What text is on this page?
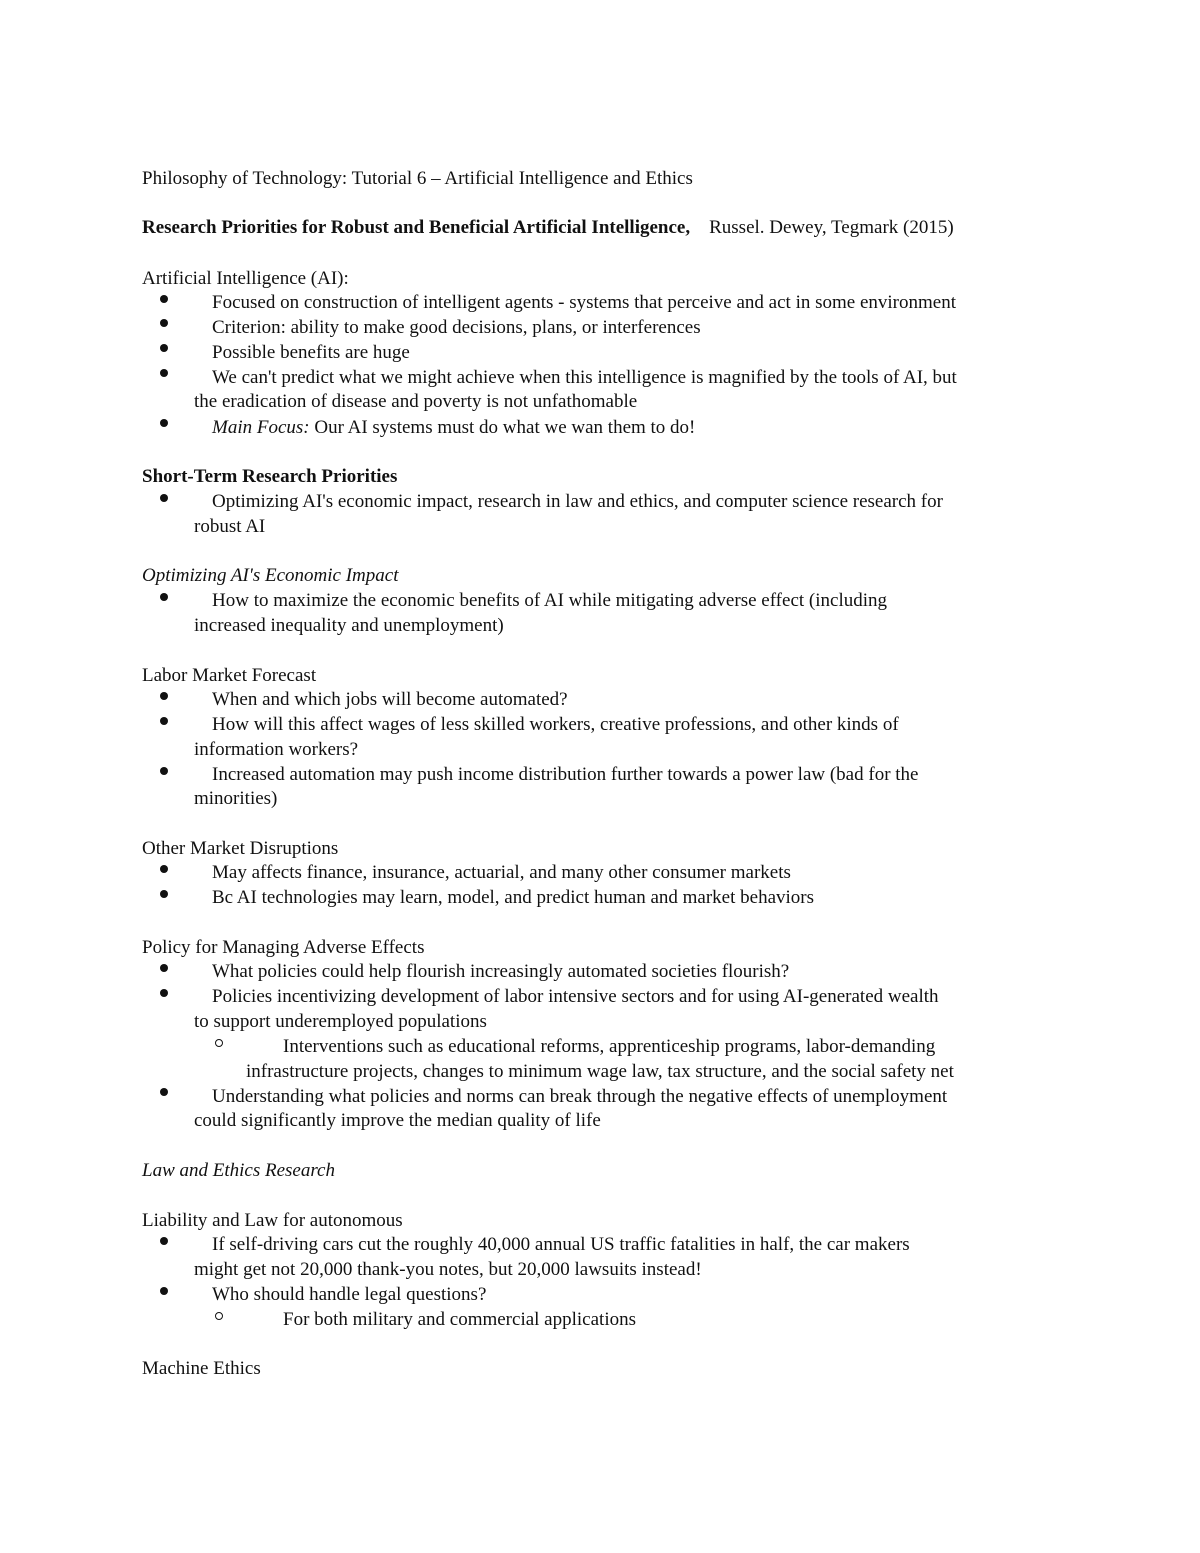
Philosophy of Technology: Tutorial 6 – Artificial Intelligence and Ethics
Research Priorities for Robust and Beneficial Artificial Intelligence, Russel. Dewey, Tegmark (2015)
Artificial Intelligence (AI):
Focused on construction of intelligent agents - systems that perceive and act in some environment
Criterion: ability to make good decisions, plans, or interferences
Possible benefits are huge
We can't predict what we might achieve when this intelligence is magnified by the tools of AI, but
the eradication of disease and poverty is not unfathomable
Main Focus: Our AI systems must do what we wan them to do!
Short-Term Research Priorities
Optimizing AI's economic impact, research in law and ethics, and computer science research for
robust AI
Optimizing AI's Economic Impact
How to maximize the economic benefits of AI while mitigating adverse effect (including
increased inequality and unemployment)
Labor Market Forecast
When and which jobs will become automated?
How will this affect wages of less skilled workers, creative professions, and other kinds of
information workers?
Increased automation may push income distribution further towards a power law (bad for the
minorities)
Other Market Disruptions
May affects finance, insurance, actuarial, and many other consumer markets
Bc AI technologies may learn, model, and predict human and market behaviors
Policy for Managing Adverse Effects
What policies could help flourish increasingly automated societies flourish?
Policies incentivizing development of labor intensive sectors and for using AI-generated wealth
to support underemployed populations
Interventions such as educational reforms, apprenticeship programs, labor-demanding
infrastructure projects, changes to minimum wage law, tax structure, and the social safety net
Understanding what policies and norms can break through the negative effects of unemployment
could significantly improve the median quality of life
Law and Ethics Research
Liability and Law for autonomous
If self-driving cars cut the roughly 40,000 annual US traffic fatalities in half, the car makers
might get not 20,000 thank-you notes, but 20,000 lawsuits instead!
Who should handle legal questions?
For both military and commercial applications
Machine Ethics
